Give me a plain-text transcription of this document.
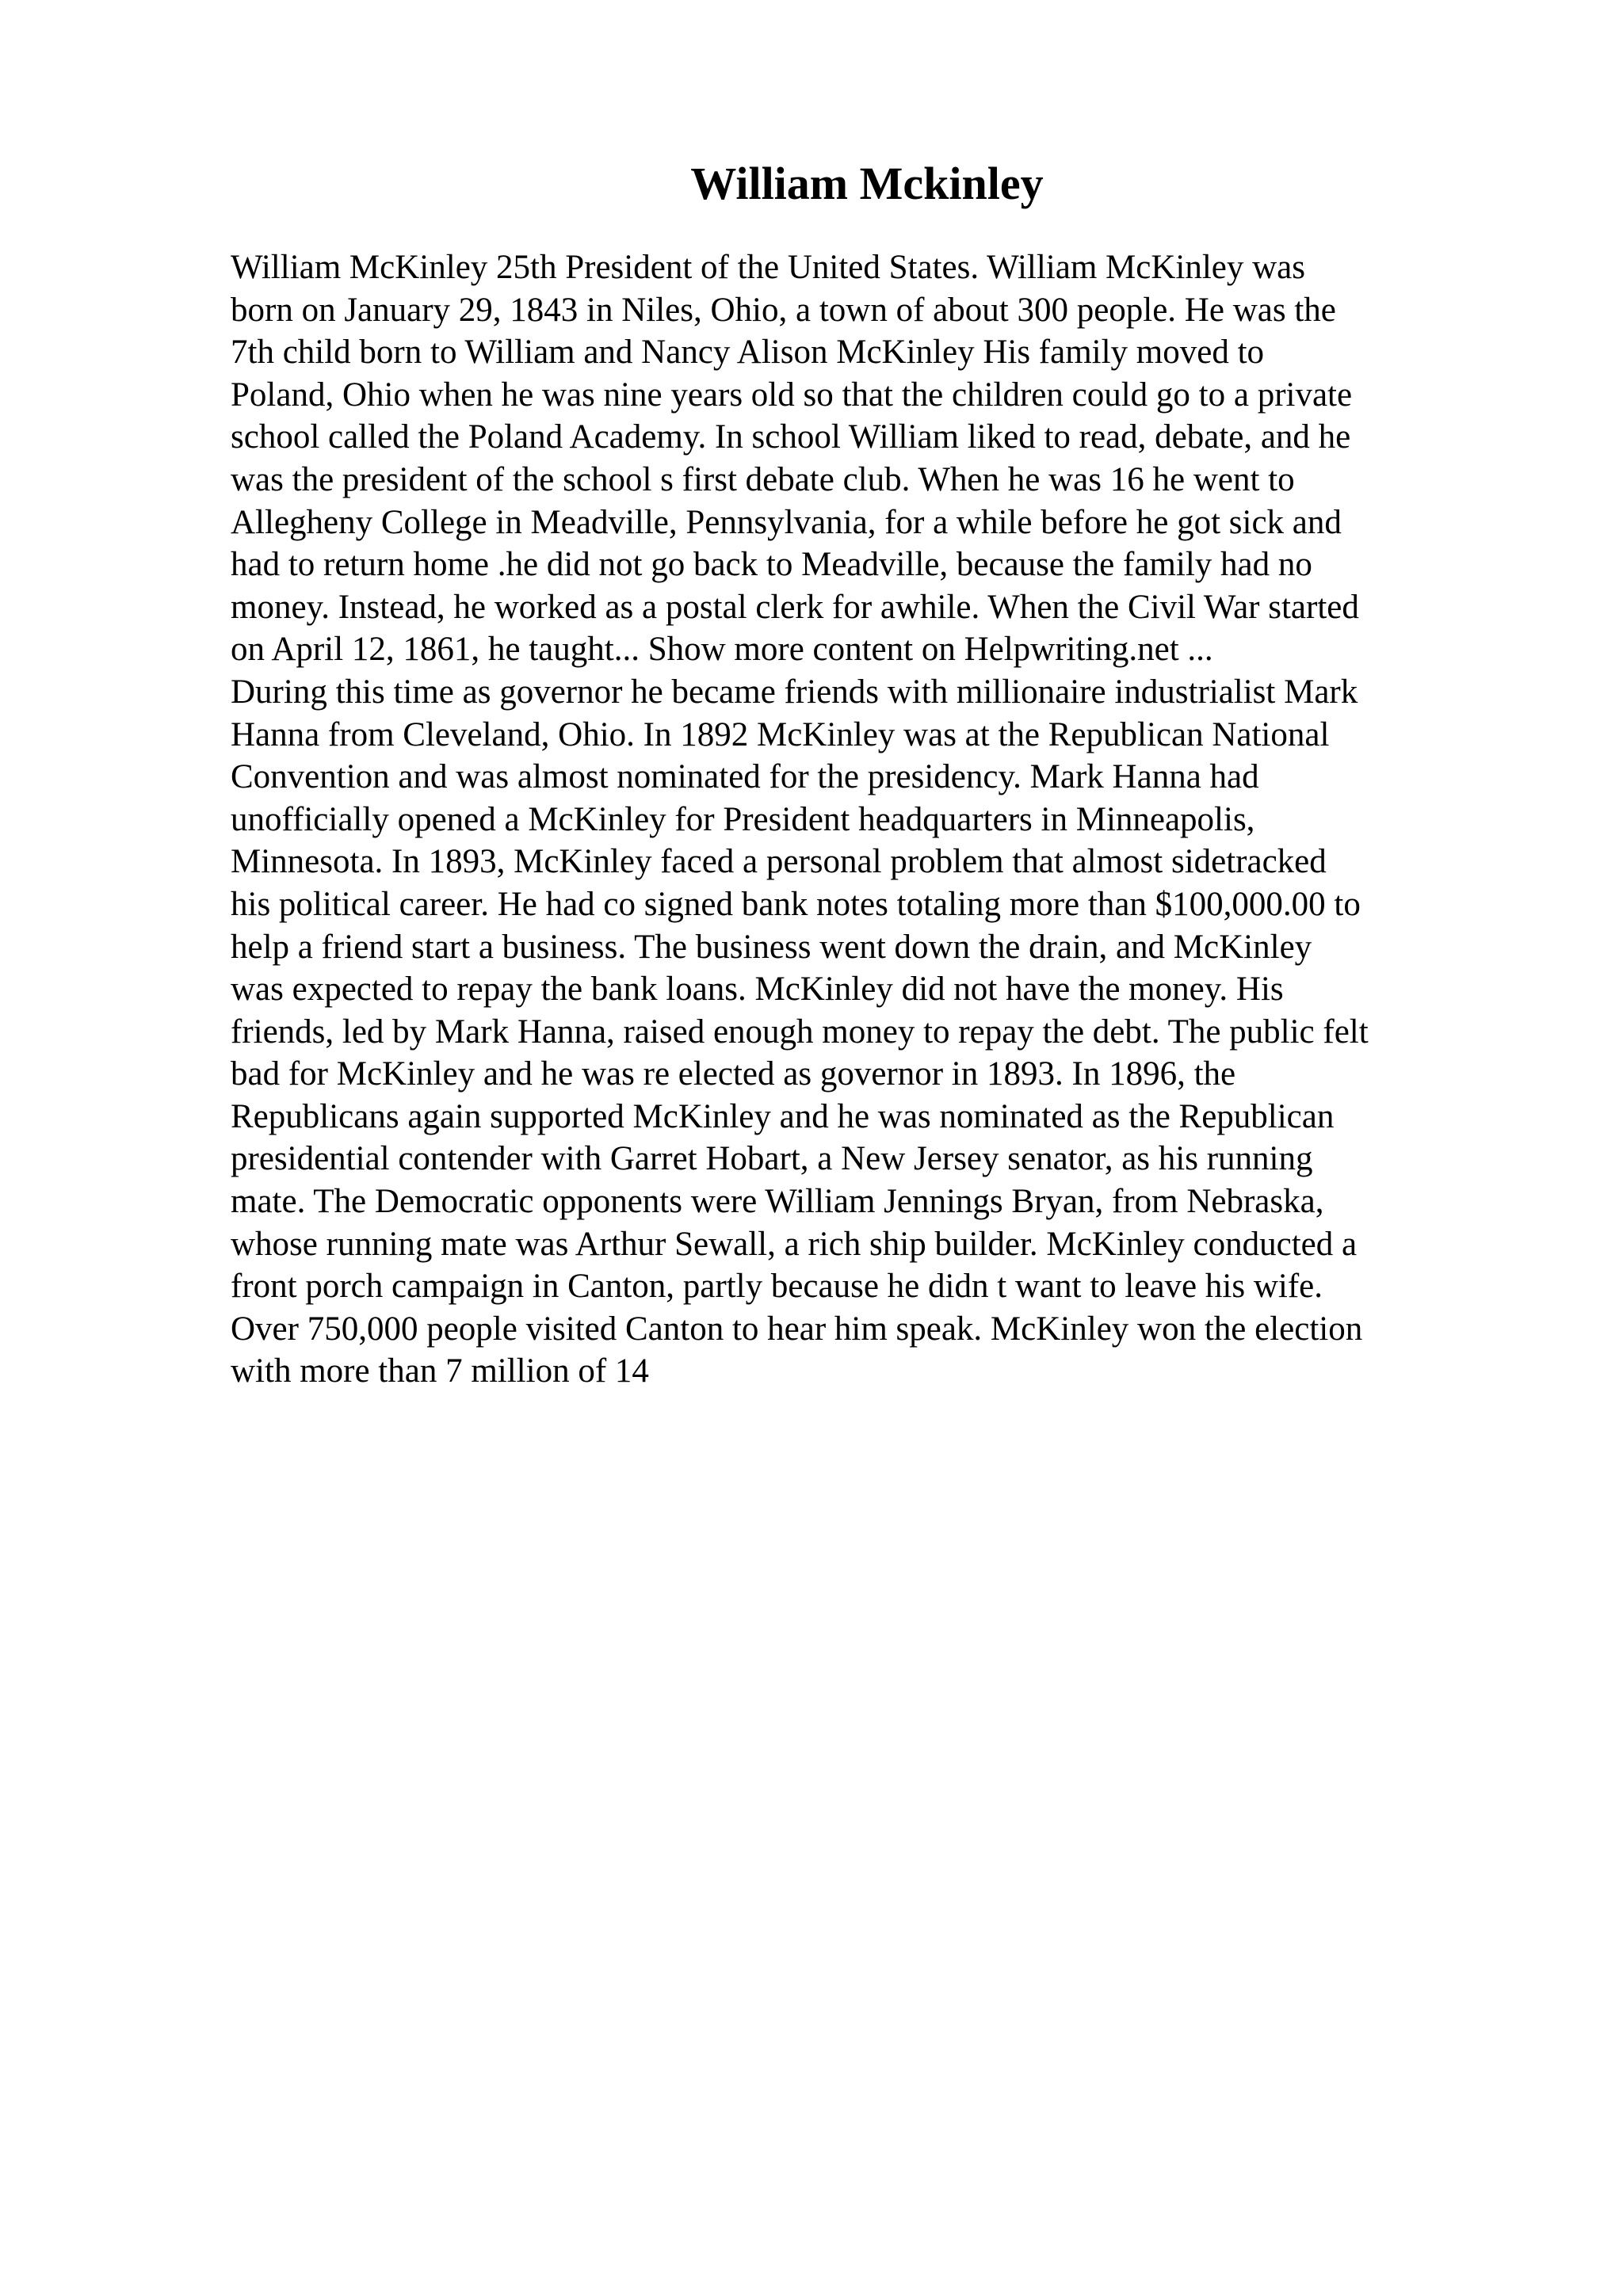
William Mckinley
William McKinley 25th President of the United States. William McKinley was
born on January 29, 1843 in Niles, Ohio, a town of about 300 people. He was the
7th child born to William and Nancy Alison McKinley His family moved to
Poland, Ohio when he was nine years old so that the children could go to a private
school called the Poland Academy. In school William liked to read, debate, and he
was the president of the school s first debate club. When he was 16 he went to
Allegheny College in Meadville, Pennsylvania, for a while before he got sick and
had to return home .he did not go back to Meadville, because the family had no
money. Instead, he worked as a postal clerk for awhile. When the Civil War started
on April 12, 1861, he taught... Show more content on Helpwriting.net ...
During this time as governor he became friends with millionaire industrialist Mark
Hanna from Cleveland, Ohio. In 1892 McKinley was at the Republican National
Convention and was almost nominated for the presidency. Mark Hanna had
unofficially opened a McKinley for President headquarters in Minneapolis,
Minnesota. In 1893, McKinley faced a personal problem that almost sidetracked
his political career. He had co signed bank notes totaling more than $100,000.00 to
help a friend start a business. The business went down the drain, and McKinley
was expected to repay the bank loans. McKinley did not have the money. His
friends, led by Mark Hanna, raised enough money to repay the debt. The public felt
bad for McKinley and he was re elected as governor in 1893. In 1896, the
Republicans again supported McKinley and he was nominated as the Republican
presidential contender with Garret Hobart, a New Jersey senator, as his running
mate. The Democratic opponents were William Jennings Bryan, from Nebraska,
whose running mate was Arthur Sewall, a rich ship builder. McKinley conducted a
front porch campaign in Canton, partly because he didn t want to leave his wife.
Over 750,000 people visited Canton to hear him speak. McKinley won the election
with more than 7 million of 14
